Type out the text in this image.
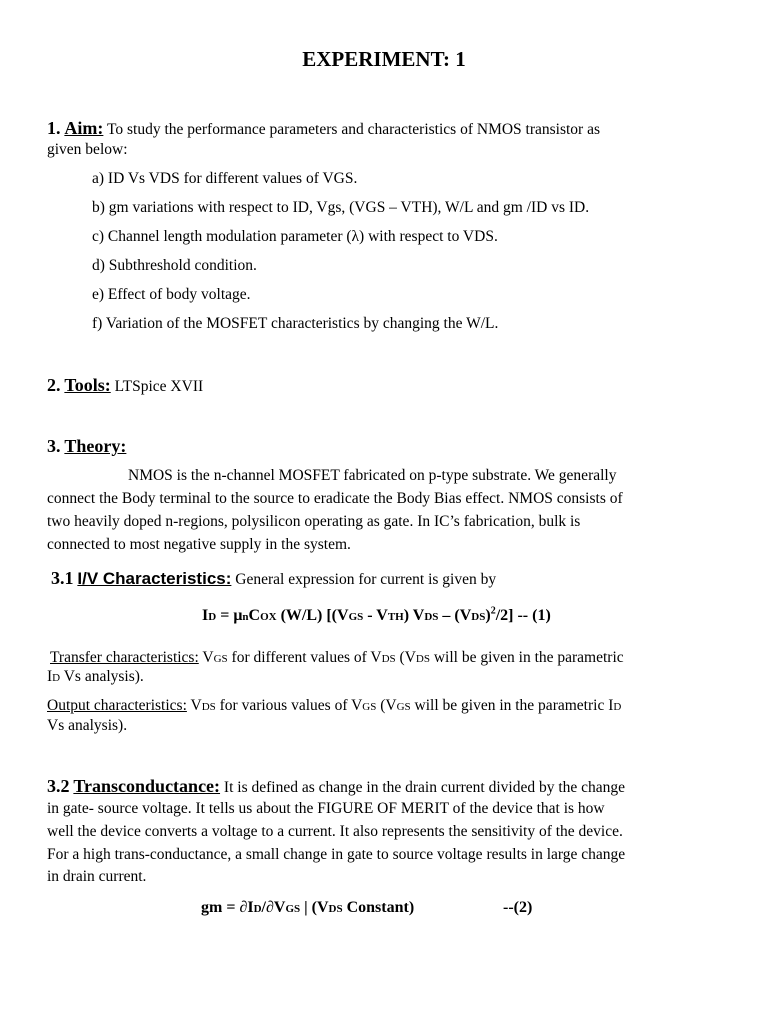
EXPERIMENT: 1
1. Aim: To study the performance parameters and characteristics of NMOS transistor as
given below:
a) ID Vs VDS for different values of VGS.
b) gm variations with respect to ID, Vgs, (VGS – VTH), W/L and gm /ID vs ID.
c) Channel length modulation parameter (λ) with respect to VDS.
d) Subthreshold condition.
e) Effect of body voltage.
f) Variation of the MOSFET characteristics by changing the W/L.
2. Tools: LTSpice XVII
3. Theory:
NMOS is the n-channel MOSFET fabricated on p-type substrate. We generally
connect the Body terminal to the source to eradicate the Body Bias effect. NMOS consists of
two heavily doped n-regions, polysilicon operating as gate. In IC’s fabrication, bulk is
connected to most negative supply in the system.
3.1 I/V Characteristics: General expression for current is given by
ID = μnCOX (W/L) [(VGS - VTH) VDS – (VDS)$^2$/2] -- (1)
Transfer characteristics: VGS for different values of VDS (VDS will be given in the parametric
ID Vs analysis).
Output characteristics: VDS for various values of VGS (VGS will be given in the parametric ID
Vs analysis).
3.2 Transconductance: It is defined as change in the drain current divided by the change
in gate- source voltage. It tells us about the FIGURE OF MERIT of the device that is how
well the device converts a voltage to a current. It also represents the sensitivity of the device.
For a high trans-conductance, a small change in gate to source voltage results in large change
in drain current.
gm = ∂ID/∂VGS | (VDS Constant)	--(2)
